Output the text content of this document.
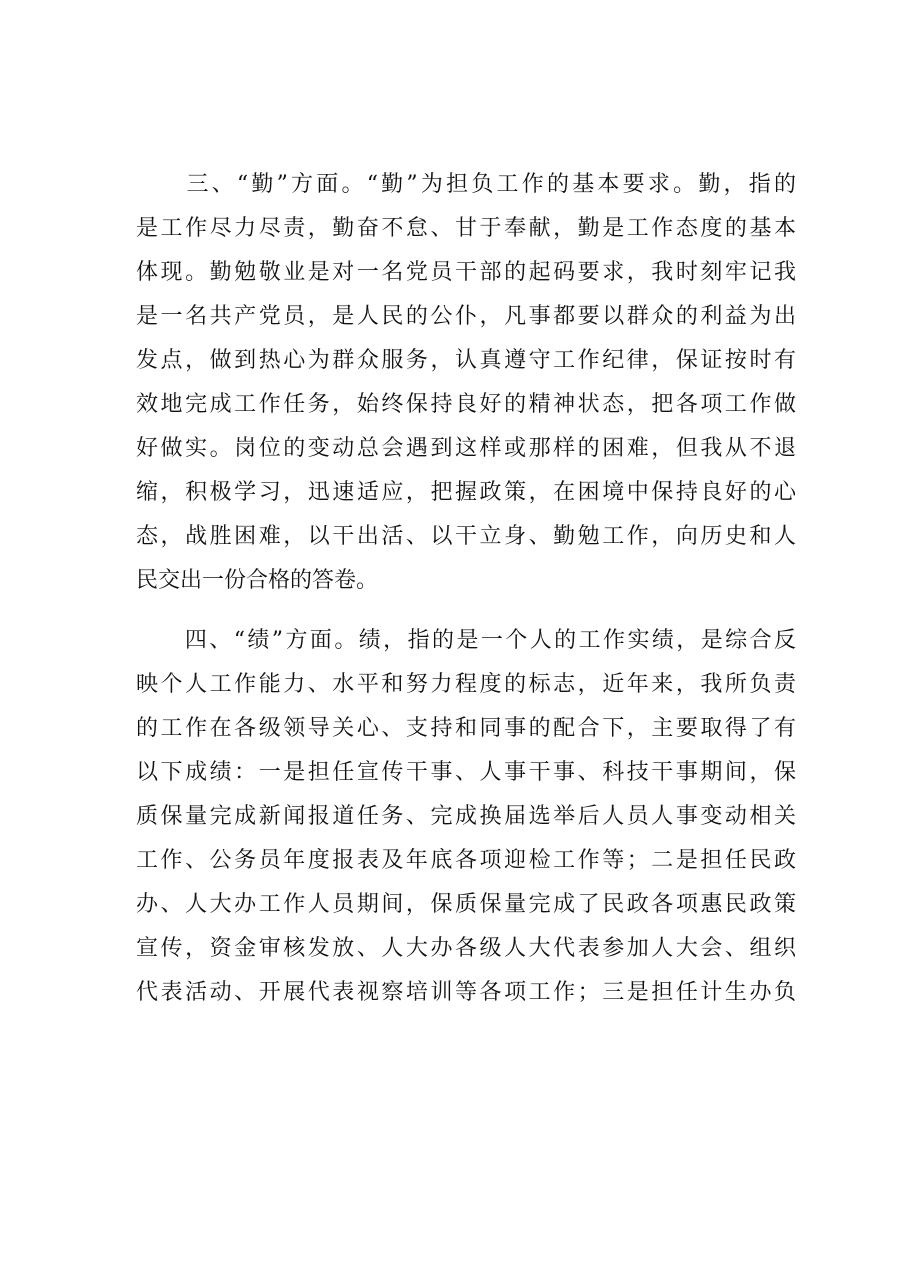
　　三、“勤”方面。“勤”为担负工作的基本要求。勤，指的
是工作尽力尽责，勤奋不怠、甘于奉献，勤是工作态度的基本
体现。勤勉敬业是对一名党员干部的起码要求，我时刻牢记我
是一名共产党员，是人民的公仆，凡事都要以群众的利益为出
发点，做到热心为群众服务，认真遵守工作纪律，保证按时有
效地完成工作任务，始终保持良好的精神状态，把各项工作做
好做实。岗位的变动总会遇到这样或那样的困难，但我从不退
缩，积极学习，迅速适应，把握政策，在困境中保持良好的心
态，战胜困难，以干出活、以干立身、勤勉工作，向历史和人
民交出一份合格的答卷。
　　四、“绩”方面。绩，指的是一个人的工作实绩，是综合反
映个人工作能力、水平和努力程度的标志，近年来，我所负责
的工作在各级领导关心、支持和同事的配合下，主要取得了有
以下成绩：一是担任宣传干事、人事干事、科技干事期间，保
质保量完成新闻报道任务、完成换届选举后人员人事变动相关
工作、公务员年度报表及年底各项迎检工作等；二是担任民政
办、人大办工作人员期间，保质保量完成了民政各项惠民政策
宣传，资金审核发放、人大办各级人大代表参加人大会、组织
代表活动、开展代表视察培训等各项工作；三是担任计生办负
